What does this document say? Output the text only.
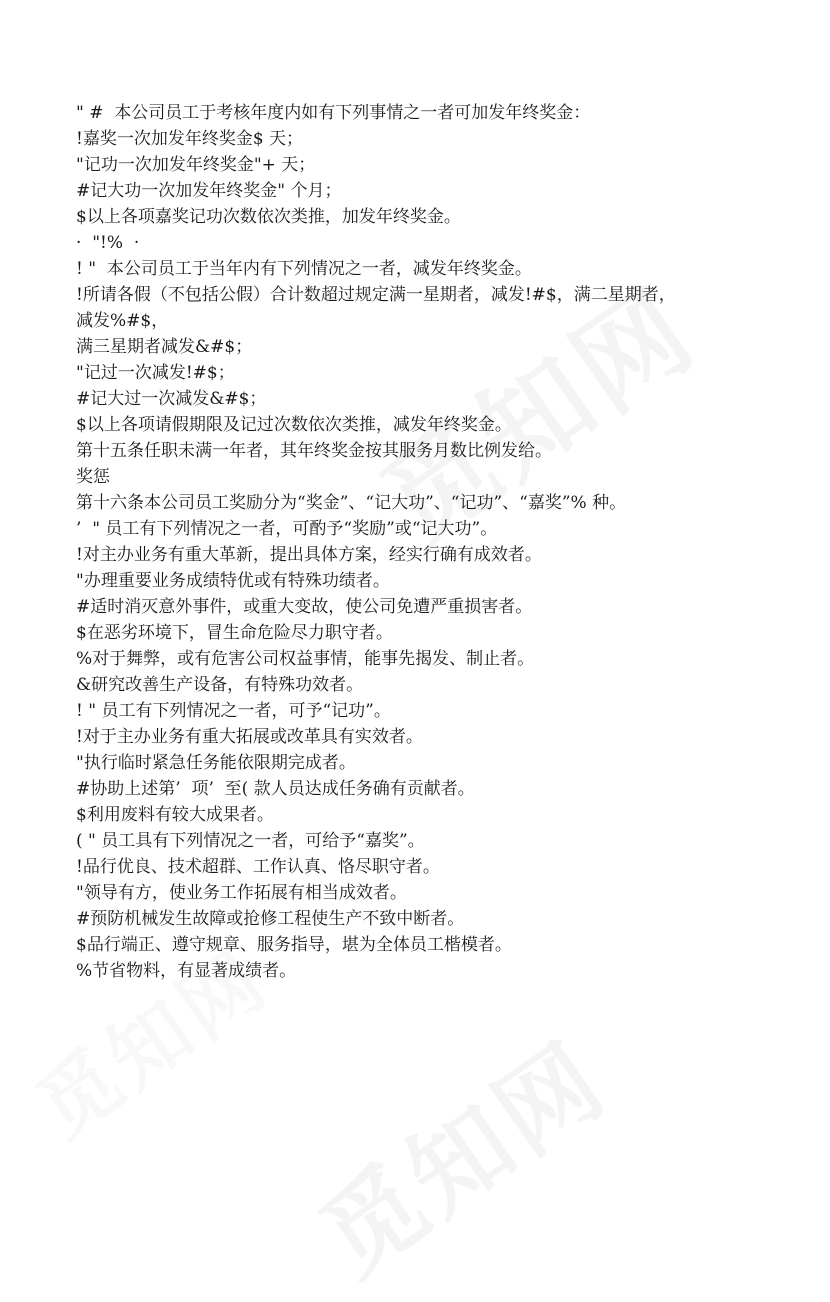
" #  本公司员工于考核年度内如有下列事情之一者可加发年终奖金：
!嘉奖一次加发年终奖金$ 天；
"记功一次加发年终奖金"+ 天；
#记大功一次加发年终奖金" 个月；
$以上各项嘉奖记功次数依次类推，加发年终奖金。
·  "!%  ·
! "  本公司员工于当年内有下列情况之一者，减发年终奖金。
!所请各假（不包括公假）合计数超过规定满一星期者，减发!#$，满二星期者，
减发%#$，
满三星期者减发&#$；
"记过一次减发!#$；
#记大过一次减发&#$；
$以上各项请假期限及记过次数依次类推，减发年终奖金。
第十五条任职未满一年者，其年终奖金按其服务月数比例发给。
奖惩
第十六条本公司员工奖励分为“奖金”、“记大功”、“记功”、“嘉奖”% 种。
’  " 员工有下列情况之一者，可酌予“奖励”或“记大功”。
!对主办业务有重大革新，提出具体方案，经实行确有成效者。
"办理重要业务成绩特优或有特殊功绩者。
#适时消灭意外事件，或重大变故，使公司免遭严重损害者。
$在恶劣环境下，冒生命危险尽力职守者。
%对于舞弊，或有危害公司权益事情，能事先揭发、制止者。
&研究改善生产设备，有特殊功效者。
! " 员工有下列情况之一者，可予“记功”。
!对于主办业务有重大拓展或改革具有实效者。
"执行临时紧急任务能依限期完成者。
#协助上述第’  项’  至( 款人员达成任务确有贡献者。
$利用废料有较大成果者。
( " 员工具有下列情况之一者，可给予“嘉奖”。
!品行优良、技术超群、工作认真、恪尽职守者。
"领导有方，使业务工作拓展有相当成效者。
#预防机械发生故障或抢修工程使生产不致中断者。
$品行端正、遵守规章、服务指导，堪为全体员工楷模者。
%节省物料，有显著成绩者。
